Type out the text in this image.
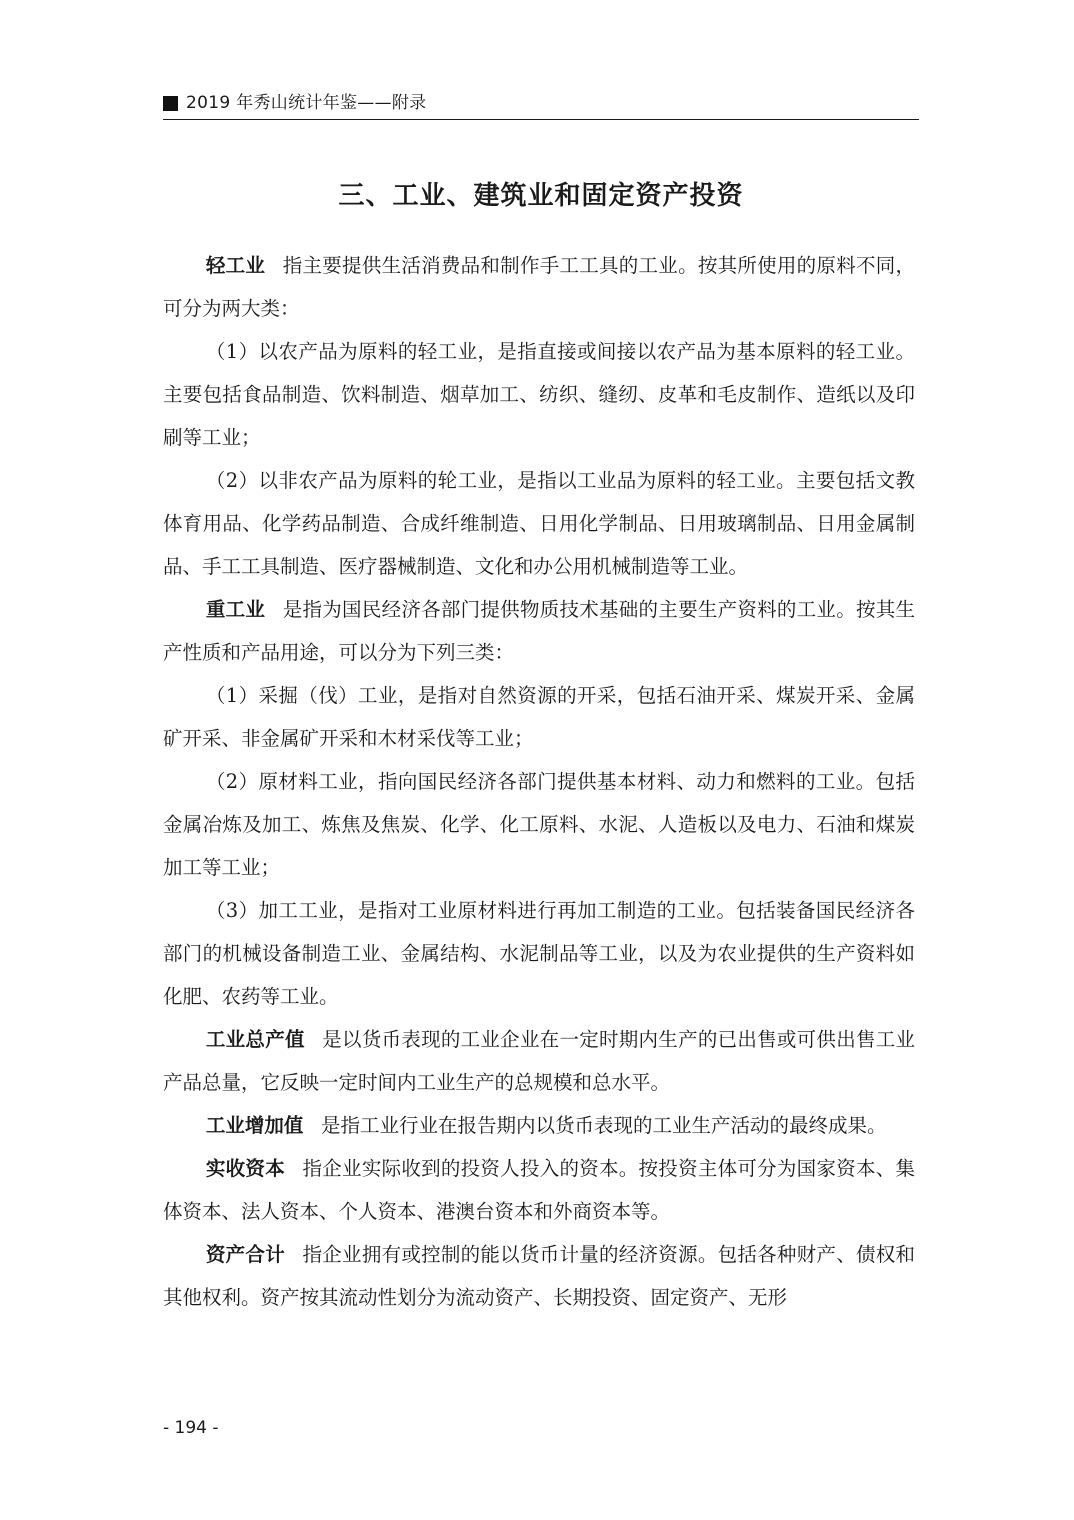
2019 年秀山统计年鉴——附录
三、工业、建筑业和固定资产投资

轻工业 指主要提供生活消费品和制作手工工具的工业。按其所使用的原料不同，可分为两大类：

（1）以农产品为原料的轻工业，是指直接或间接以农产品为基本原料的轻工业。主要包括食品制造、饮料制造、烟草加工、纺织、缝纫、皮革和毛皮制作、造纸以及印刷等工业；

（2）以非农产品为原料的轮工业，是指以工业品为原料的轻工业。主要包括文教体育用品、化学药品制造、合成纤维制造、日用化学制品、日用玻璃制品、日用金属制品、手工工具制造、医疗器械制造、文化和办公用机械制造等工业。

重工业 是指为国民经济各部门提供物质技术基础的主要生产资料的工业。按其生产性质和产品用途，可以分为下列三类：

（1）采掘（伐）工业，是指对自然资源的开采，包括石油开采、煤炭开采、金属矿开采、非金属矿开采和木材采伐等工业；

（2）原材料工业，指向国民经济各部门提供基本材料、动力和燃料的工业。包括金属冶炼及加工、炼焦及焦炭、化学、化工原料、水泥、人造板以及电力、石油和煤炭加工等工业；

（3）加工工业，是指对工业原材料进行再加工制造的工业。包括装备国民经济各部门的机械设备制造工业、金属结构、水泥制品等工业，以及为农业提供的生产资料如化肥、农药等工业。

工业总产值 是以货币表现的工业企业在一定时期内生产的已出售或可供出售工业产品总量，它反映一定时间内工业生产的总规模和总水平。

工业增加值 是指工业行业在报告期内以货币表现的工业生产活动的最终成果。

实收资本 指企业实际收到的投资人投入的资本。按投资主体可分为国家资本、集体资本、法人资本、个人资本、港澳台资本和外商资本等。

资产合计 指企业拥有或控制的能以货币计量的经济资源。包括各种财产、债权和其他权利。资产按其流动性划分为流动资产、长期投资、固定资产、无形

- 194 -
